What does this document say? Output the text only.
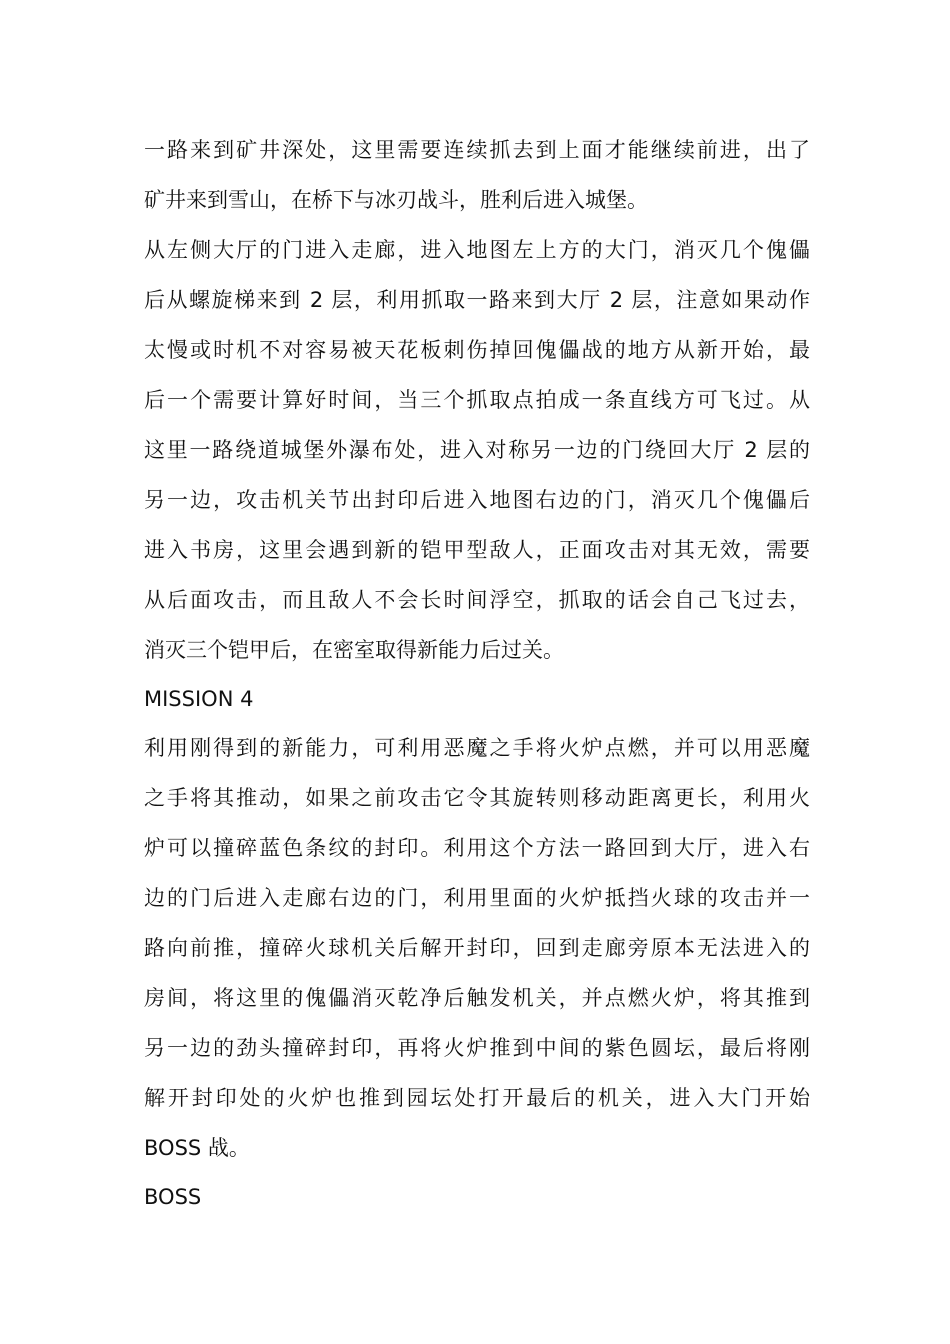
一路来到矿井深处，这里需要连续抓去到上面才能继续前进，出了
矿井来到雪山，在桥下与冰刃战斗，胜利后进入城堡。
从左侧大厅的门进入走廊，进入地图左上方的大门，消灭几个傀儡
后从螺旋梯来到 2 层，利用抓取一路来到大厅 2 层，注意如果动作
太慢或时机不对容易被天花板刺伤掉回傀儡战的地方从新开始，最
后一个需要计算好时间，当三个抓取点拍成一条直线方可飞过。从
这里一路绕道城堡外瀑布处，进入对称另一边的门绕回大厅 2 层的
另一边，攻击机关节出封印后进入地图右边的门，消灭几个傀儡后
进入书房，这里会遇到新的铠甲型敌人，正面攻击对其无效，需要
从后面攻击，而且敌人不会长时间浮空，抓取的话会自己飞过去，
消灭三个铠甲后，在密室取得新能力后过关。
MISSION 4
利用刚得到的新能力，可利用恶魔之手将火炉点燃，并可以用恶魔
之手将其推动，如果之前攻击它令其旋转则移动距离更长，利用火
炉可以撞碎蓝色条纹的封印。利用这个方法一路回到大厅，进入右
边的门后进入走廊右边的门，利用里面的火炉抵挡火球的攻击并一
路向前推，撞碎火球机关后解开封印，回到走廊旁原本无法进入的
房间，将这里的傀儡消灭乾净后触发机关，并点燃火炉，将其推到
另一边的劲头撞碎封印，再将火炉推到中间的紫色圆坛，最后将刚
解开封印处的火炉也推到园坛处打开最后的机关，进入大门开始
BOSS 战。
BOSS
